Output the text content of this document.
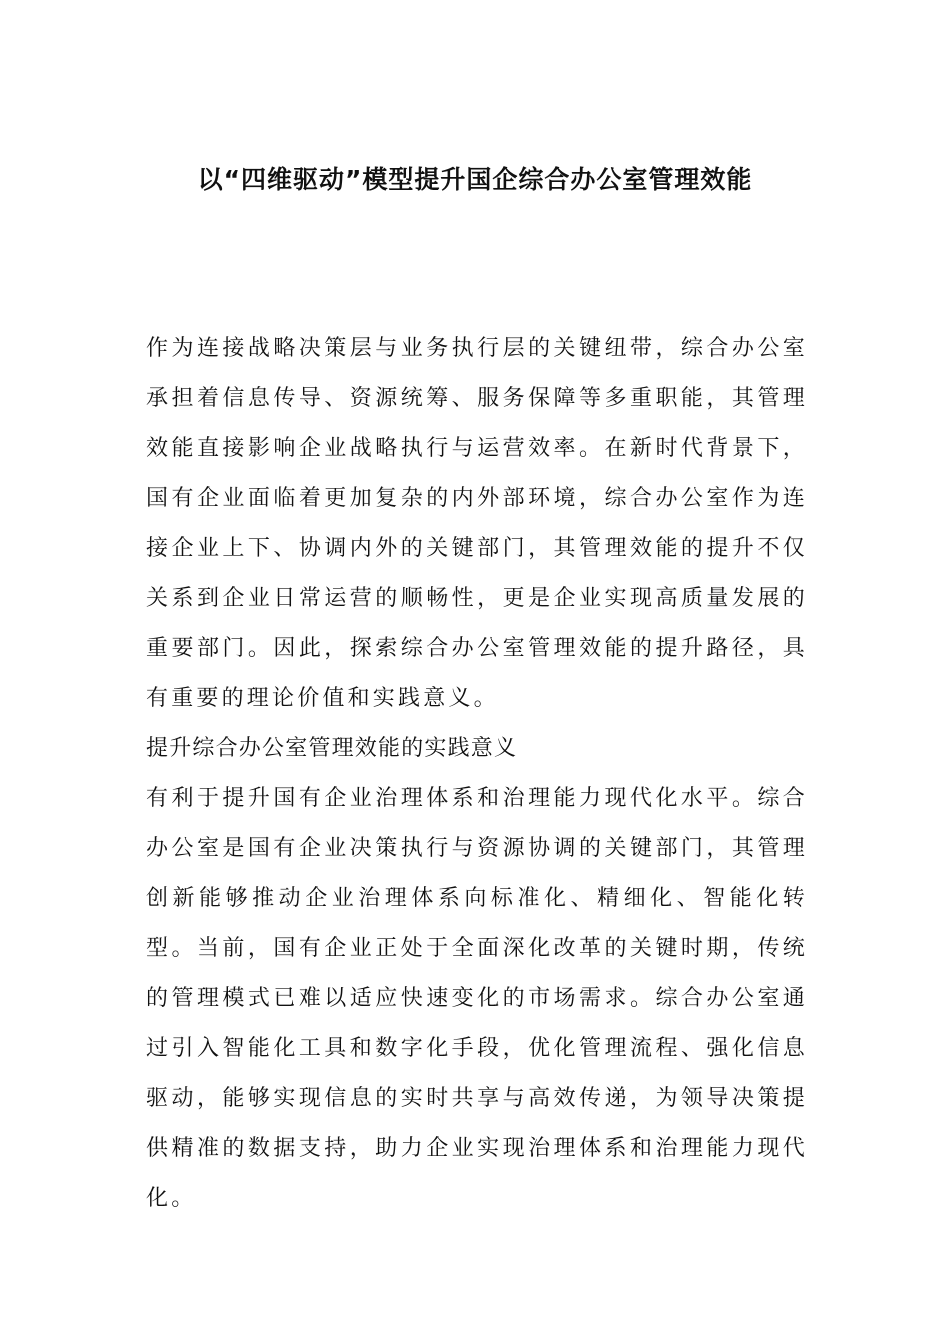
以“四维驱动”模型提升国企综合办公室管理效能

作为连接战略决策层与业务执行层的关键纽带，综合办公室承担着信息传导、资源统筹、服务保障等多重职能，其管理效能直接影响企业战略执行与运营效率。在新时代背景下，国有企业面临着更加复杂的内外部环境，综合办公室作为连接企业上下、协调内外的关键部门，其管理效能的提升不仅关系到企业日常运营的顺畅性，更是企业实现高质量发展的重要部门。因此，探索综合办公室管理效能的提升路径，具有重要的理论价值和实践意义。

提升综合办公室管理效能的实践意义

有利于提升国有企业治理体系和治理能力现代化水平。综合办公室是国有企业决策执行与资源协调的关键部门，其管理创新能够推动企业治理体系向标准化、精细化、智能化转型。当前，国有企业正处于全面深化改革的关键时期，传统的管理模式已难以适应快速变化的市场需求。综合办公室通过引入智能化工具和数字化手段，优化管理流程、强化信息驱动，能够实现信息的实时共享与高效传递，为领导决策提供精准的数据支持，助力企业实现治理体系和治理能力现代化。
